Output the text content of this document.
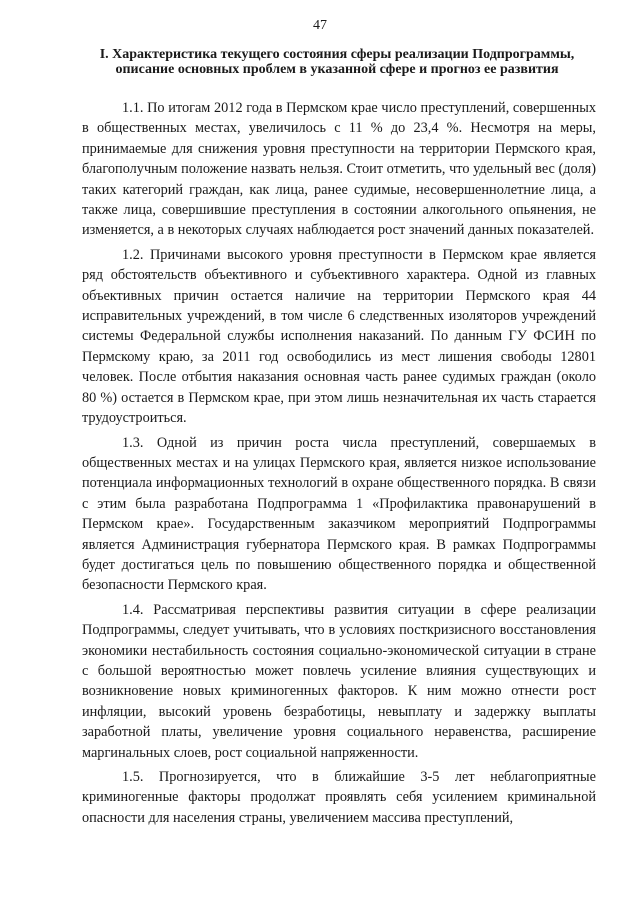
47
I. Характеристика текущего состояния сферы реализации Подпрограммы,
описание основных проблем в указанной сфере и прогноз ее развития

1.1. По итогам 2012 года в Пермском крае число преступлений, совершенных в общественных местах, увеличилось с 11 % до 23,4 %. Несмотря на меры, принимаемые для снижения уровня преступности на территории Пермского края, благополучным положение назвать нельзя. Стоит отметить, что удельный вес (доля) таких категорий граждан, как лица, ранее судимые, несовершеннолетние лица, а также лица, совершившие преступления в состоянии алкогольного опьянения, не изменяется, а в некоторых случаях наблюдается рост значений данных показателей.

1.2. Причинами высокого уровня преступности в Пермском крае является ряд обстоятельств объективного и субъективного характера. Одной из главных объективных причин остается наличие на территории Пермского края 44 исправительных учреждений, в том числе 6 следственных изоляторов учреждений системы Федеральной службы исполнения наказаний. По данным ГУ ФСИН по Пермскому краю, за 2011 год освободились из мест лишения свободы 12801 человек. После отбытия наказания основная часть ранее судимых граждан (около 80 %) остается в Пермском крае, при этом лишь незначительная их часть старается трудоустроиться.

1.3. Одной из причин роста числа преступлений, совершаемых в общественных местах и на улицах Пермского края, является низкое использование потенциала информационных технологий в охране общественного порядка. В связи с этим была разработана Подпрограмма 1 «Профилактика правонарушений в Пермском крае». Государственным заказчиком мероприятий Подпрограммы является Администрация губернатора Пермского края. В рамках Подпрограммы будет достигаться цель по повышению общественного порядка и общественной безопасности Пермского края.

1.4. Рассматривая перспективы развития ситуации в сфере реализации Подпрограммы, следует учитывать, что в условиях посткризисного восстановления экономики нестабильность состояния социально-экономической ситуации в стране с большой вероятностью может повлечь усиление влияния существующих и возникновение новых криминогенных факторов. К ним можно отнести рост инфляции, высокий уровень безработицы, невыплату и задержку выплаты заработной платы, увеличение уровня социального неравенства, расширение маргинальных слоев, рост социальной напряженности.

1.5. Прогнозируется, что в ближайшие 3-5 лет неблагоприятные криминогенные факторы продолжат проявлять себя усилением криминальной опасности для населения страны, увеличением массива преступлений,
